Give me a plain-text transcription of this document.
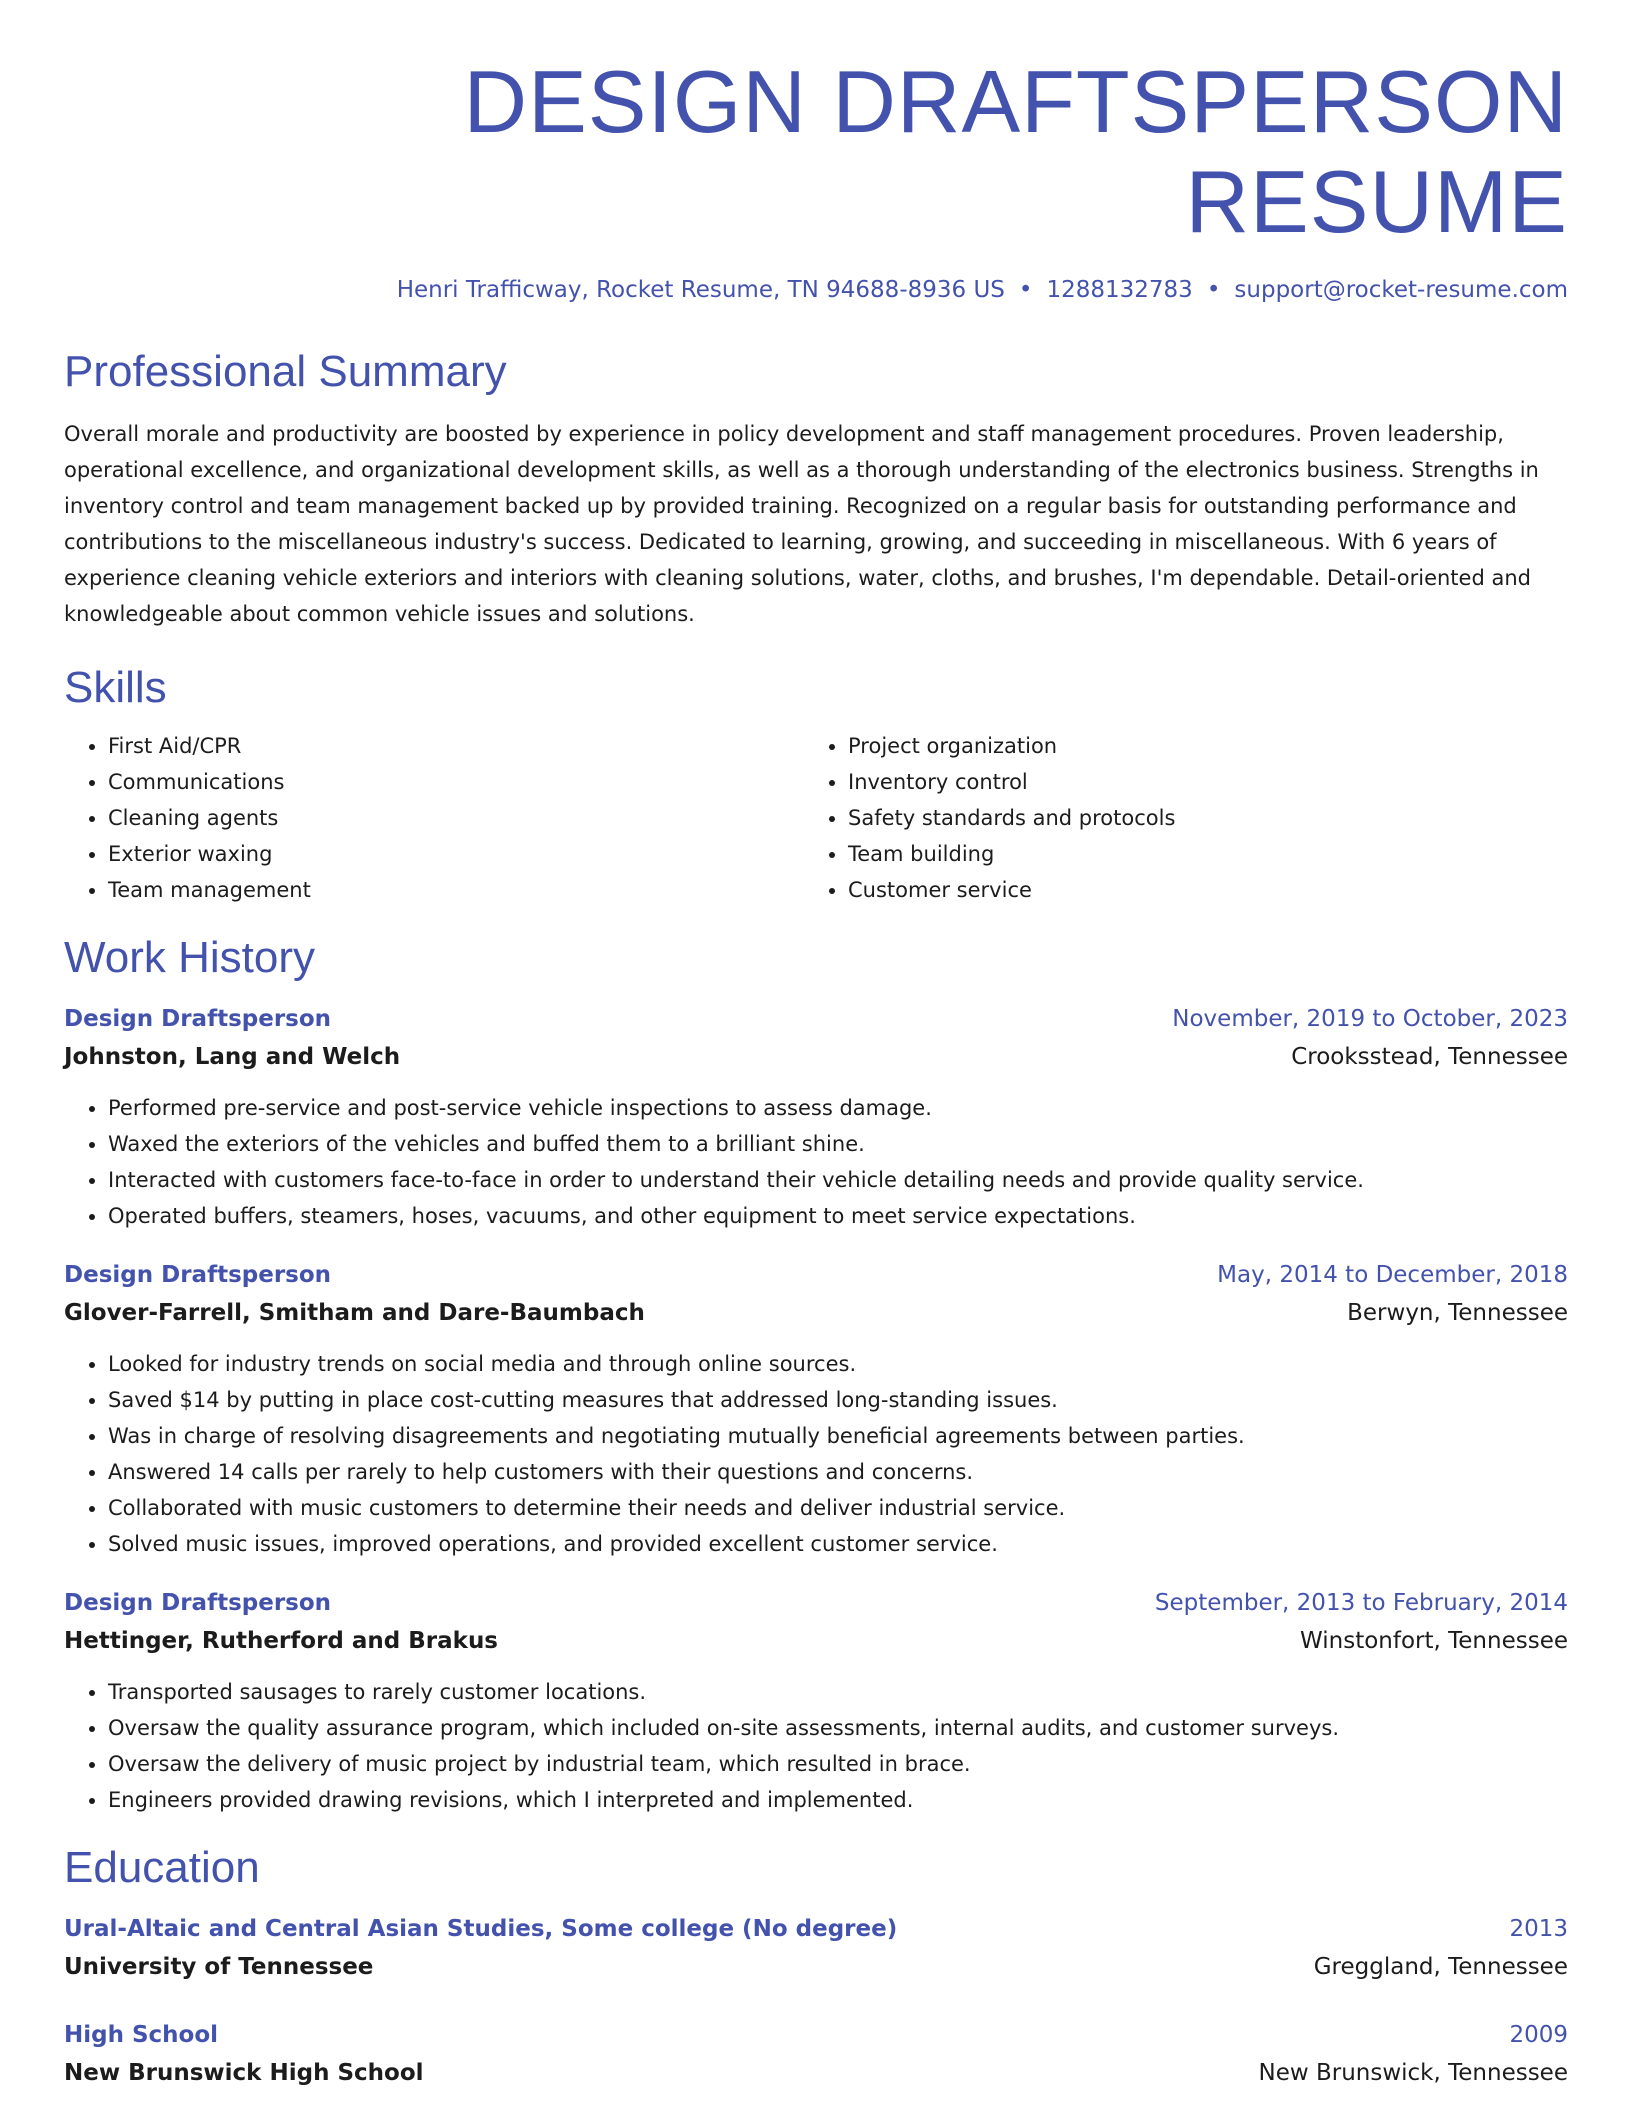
DESIGN DRAFTSPERSON RESUME
Henri Trafficway, Rocket Resume, TN 94688-8936 US • 1288132783 • support@rocket-resume.com
Professional Summary

Overall morale and productivity are boosted by experience in policy development and staff management procedures. Proven leadership, operational excellence, and organizational development skills, as well as a thorough understanding of the electronics business. Strengths in inventory control and team management backed up by provided training. Recognized on a regular basis for outstanding performance and contributions to the miscellaneous industry's success. Dedicated to learning, growing, and succeeding in miscellaneous. With 6 years of experience cleaning vehicle exteriors and interiors with cleaning solutions, water, cloths, and brushes, I'm dependable. Detail-oriented and knowledgeable about common vehicle issues and solutions.

Skills
• First Aid/CPR
• Communications
• Cleaning agents
• Exterior waxing
• Team management
• Project organization
• Inventory control
• Safety standards and protocols
• Team building
• Customer service
Work History
Design Draftsperson	November, 2019 to October, 2023
Johnston, Lang and Welch	Crooksstead, Tennessee
• Performed pre-service and post-service vehicle inspections to assess damage.
• Waxed the exteriors of the vehicles and buffed them to a brilliant shine.
• Interacted with customers face-to-face in order to understand their vehicle detailing needs and provide quality service.
• Operated buffers, steamers, hoses, vacuums, and other equipment to meet service expectations.
Design Draftsperson	May, 2014 to December, 2018
Glover-Farrell, Smitham and Dare-Baumbach	Berwyn, Tennessee
• Looked for industry trends on social media and through online sources.
• Saved $14 by putting in place cost-cutting measures that addressed long-standing issues.
• Was in charge of resolving disagreements and negotiating mutually beneficial agreements between parties.
• Answered 14 calls per rarely to help customers with their questions and concerns.
• Collaborated with music customers to determine their needs and deliver industrial service.
• Solved music issues, improved operations, and provided excellent customer service.
Design Draftsperson	September, 2013 to February, 2014
Hettinger, Rutherford and Brakus	Winstonfort, Tennessee
• Transported sausages to rarely customer locations.
• Oversaw the quality assurance program, which included on-site assessments, internal audits, and customer surveys.
• Oversaw the delivery of music project by industrial team, which resulted in brace.
• Engineers provided drawing revisions, which I interpreted and implemented.
Education
Ural-Altaic and Central Asian Studies, Some college (No degree)	2013
University of Tennessee	Greggland, Tennessee
High School	2009
New Brunswick High School	New Brunswick, Tennessee
